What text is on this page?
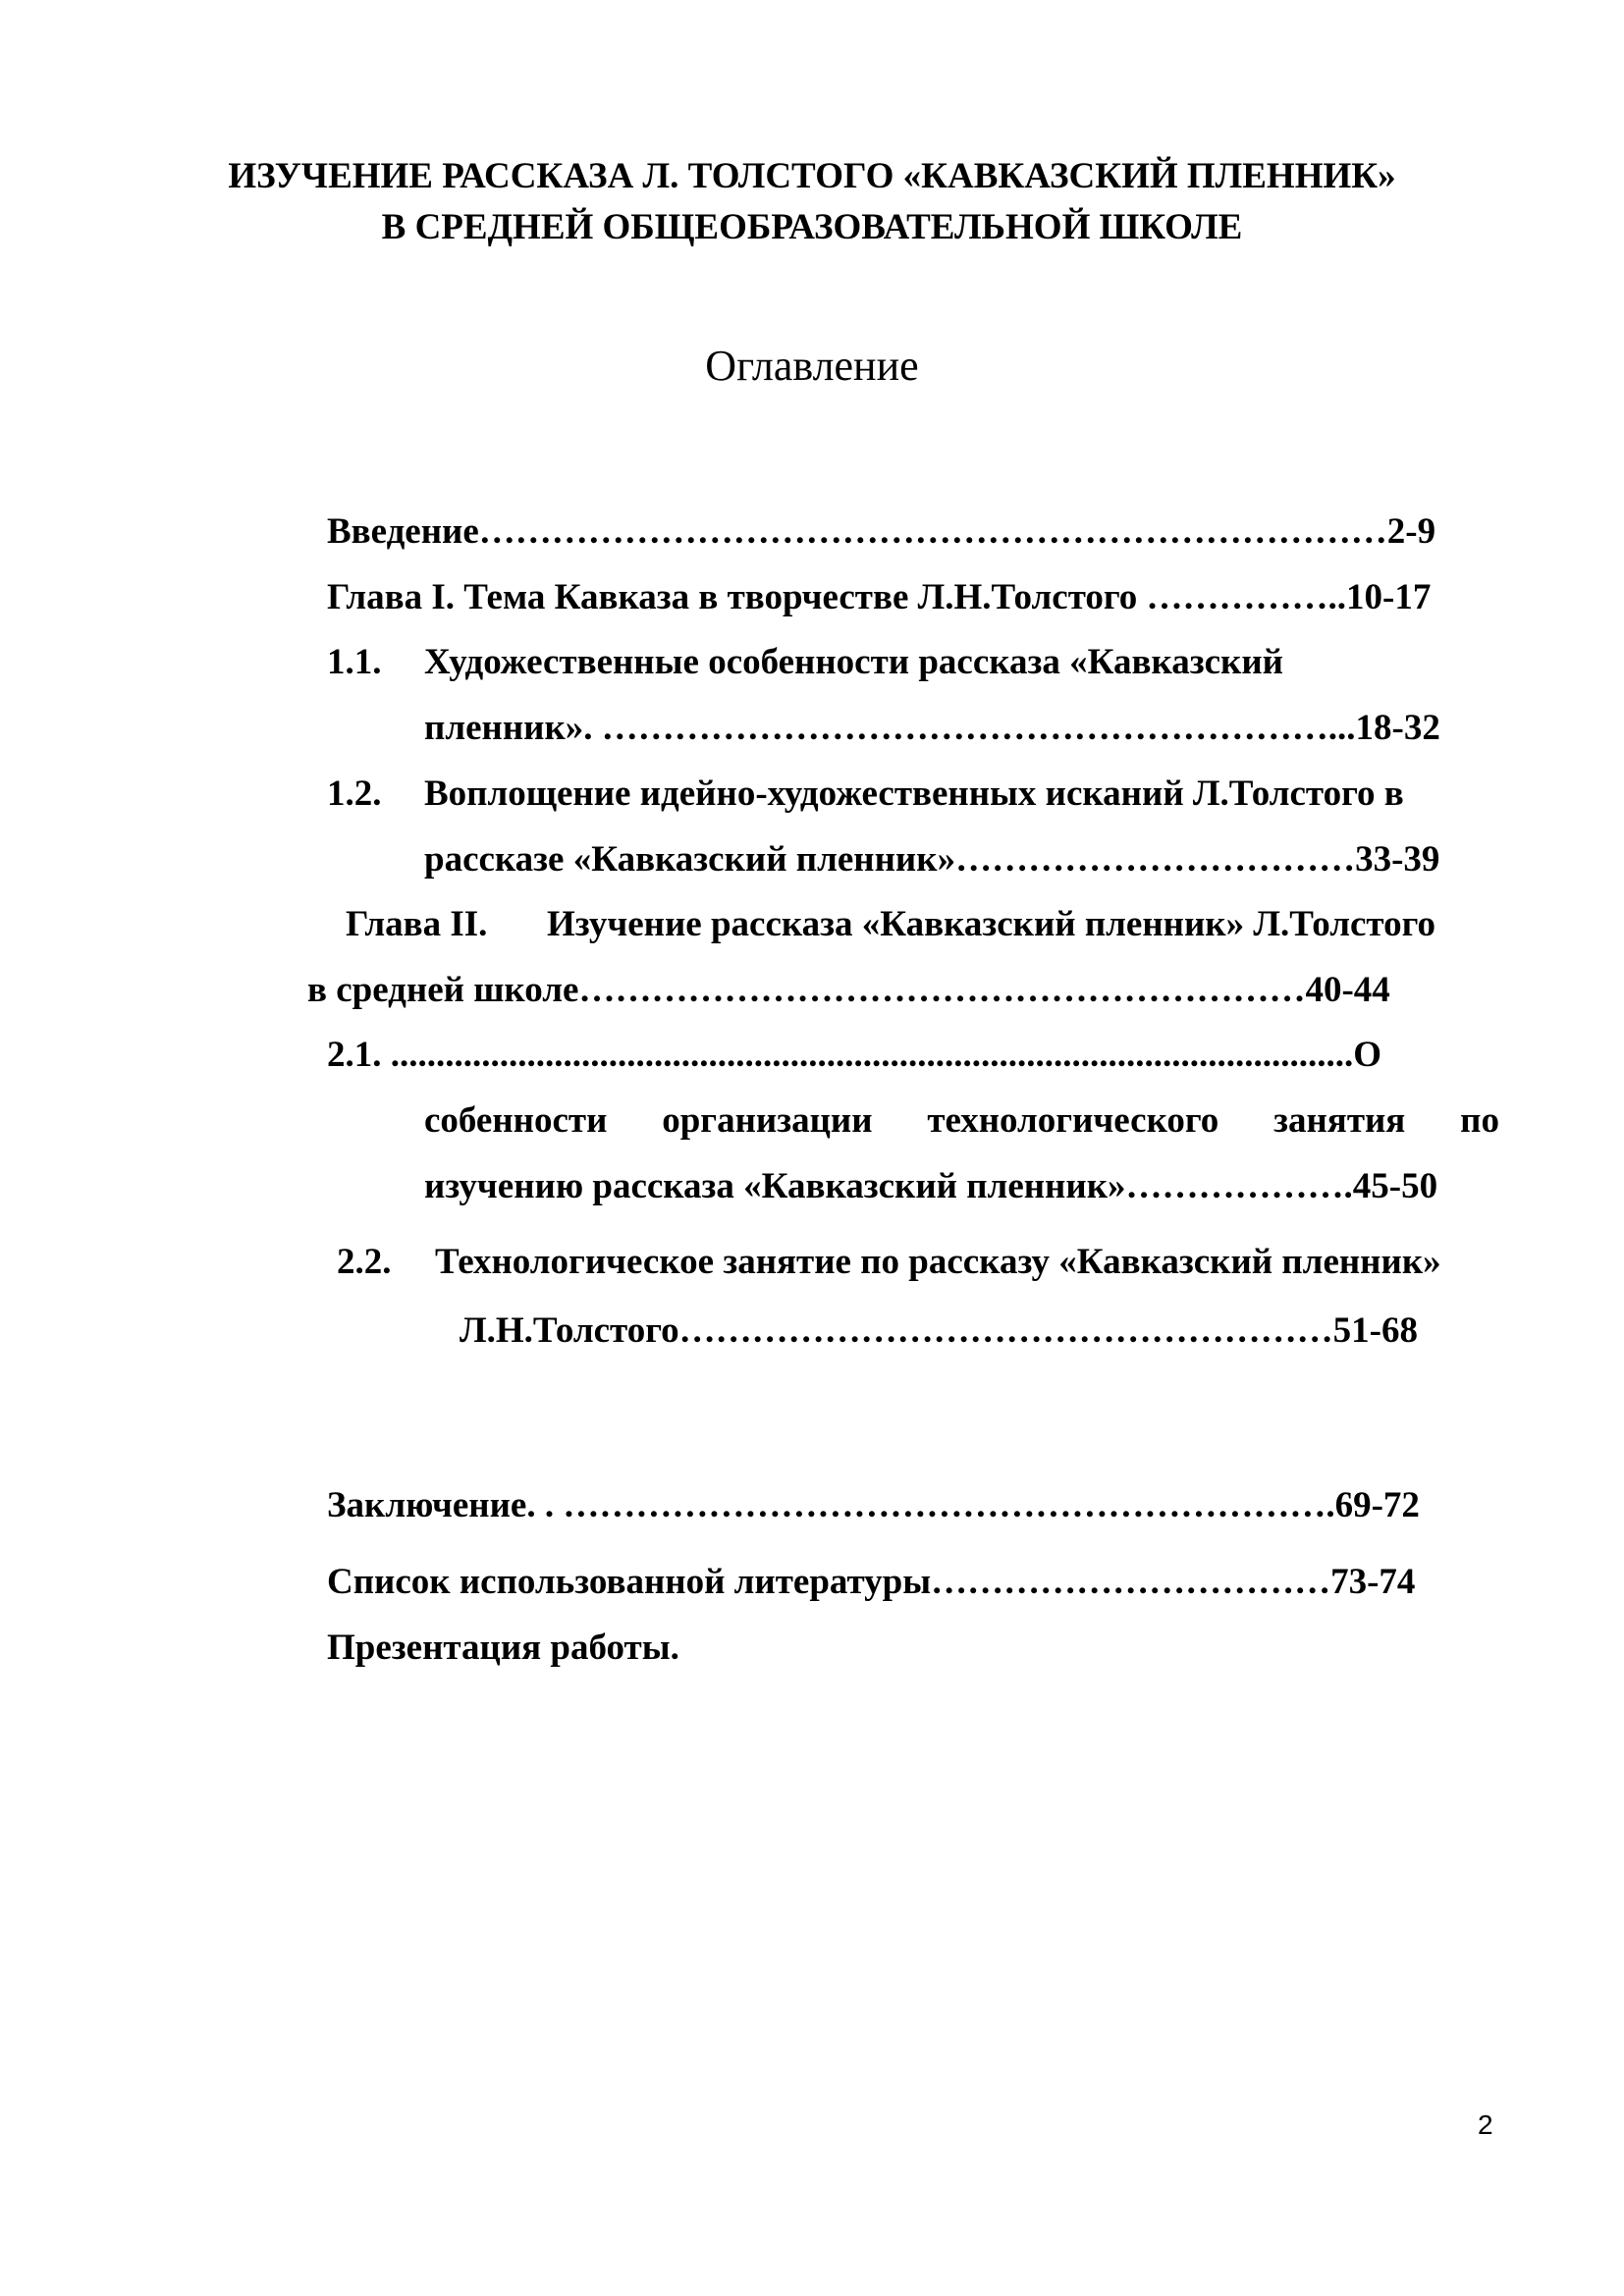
ИЗУЧЕНИЕ РАССКАЗА Л. ТОЛСТОГО «КАВКАЗСКИЙ ПЛЕННИК»
В СРЕДНЕЙ ОБЩЕОБРАЗОВАТЕЛЬНОЙ ШКОЛЕ
Оглавление

Введение…………………………………………………………………2-9

Глава I. Тема Кавказа в творчестве Л.Н.Толстого ……………..10-17

1.1. Художественные особенности рассказа «Кавказский

пленник». ……………………………………………………...18-32

1.2. Воплощение идейно-художественных исканий Л.Толстого в

рассказе «Кавказский пленник»……………………………33-39

Глава II. Изучение рассказа «Кавказский пленник» Л.Толстого

в средней школе……………………………………………………40-44

2.1. ..........................................................................................................О

собенности организации технологического занятия по

изучению рассказа «Кавказский пленник»……………….45-50

2.2. Технологическое занятие по рассказу «Кавказский пленник»

Л.Н.Толстого………………………………………………51-68

Заключение. . ……………………………………………………….69-72

Список использованной литературы……………………………73-74

Презентация работы.

2
